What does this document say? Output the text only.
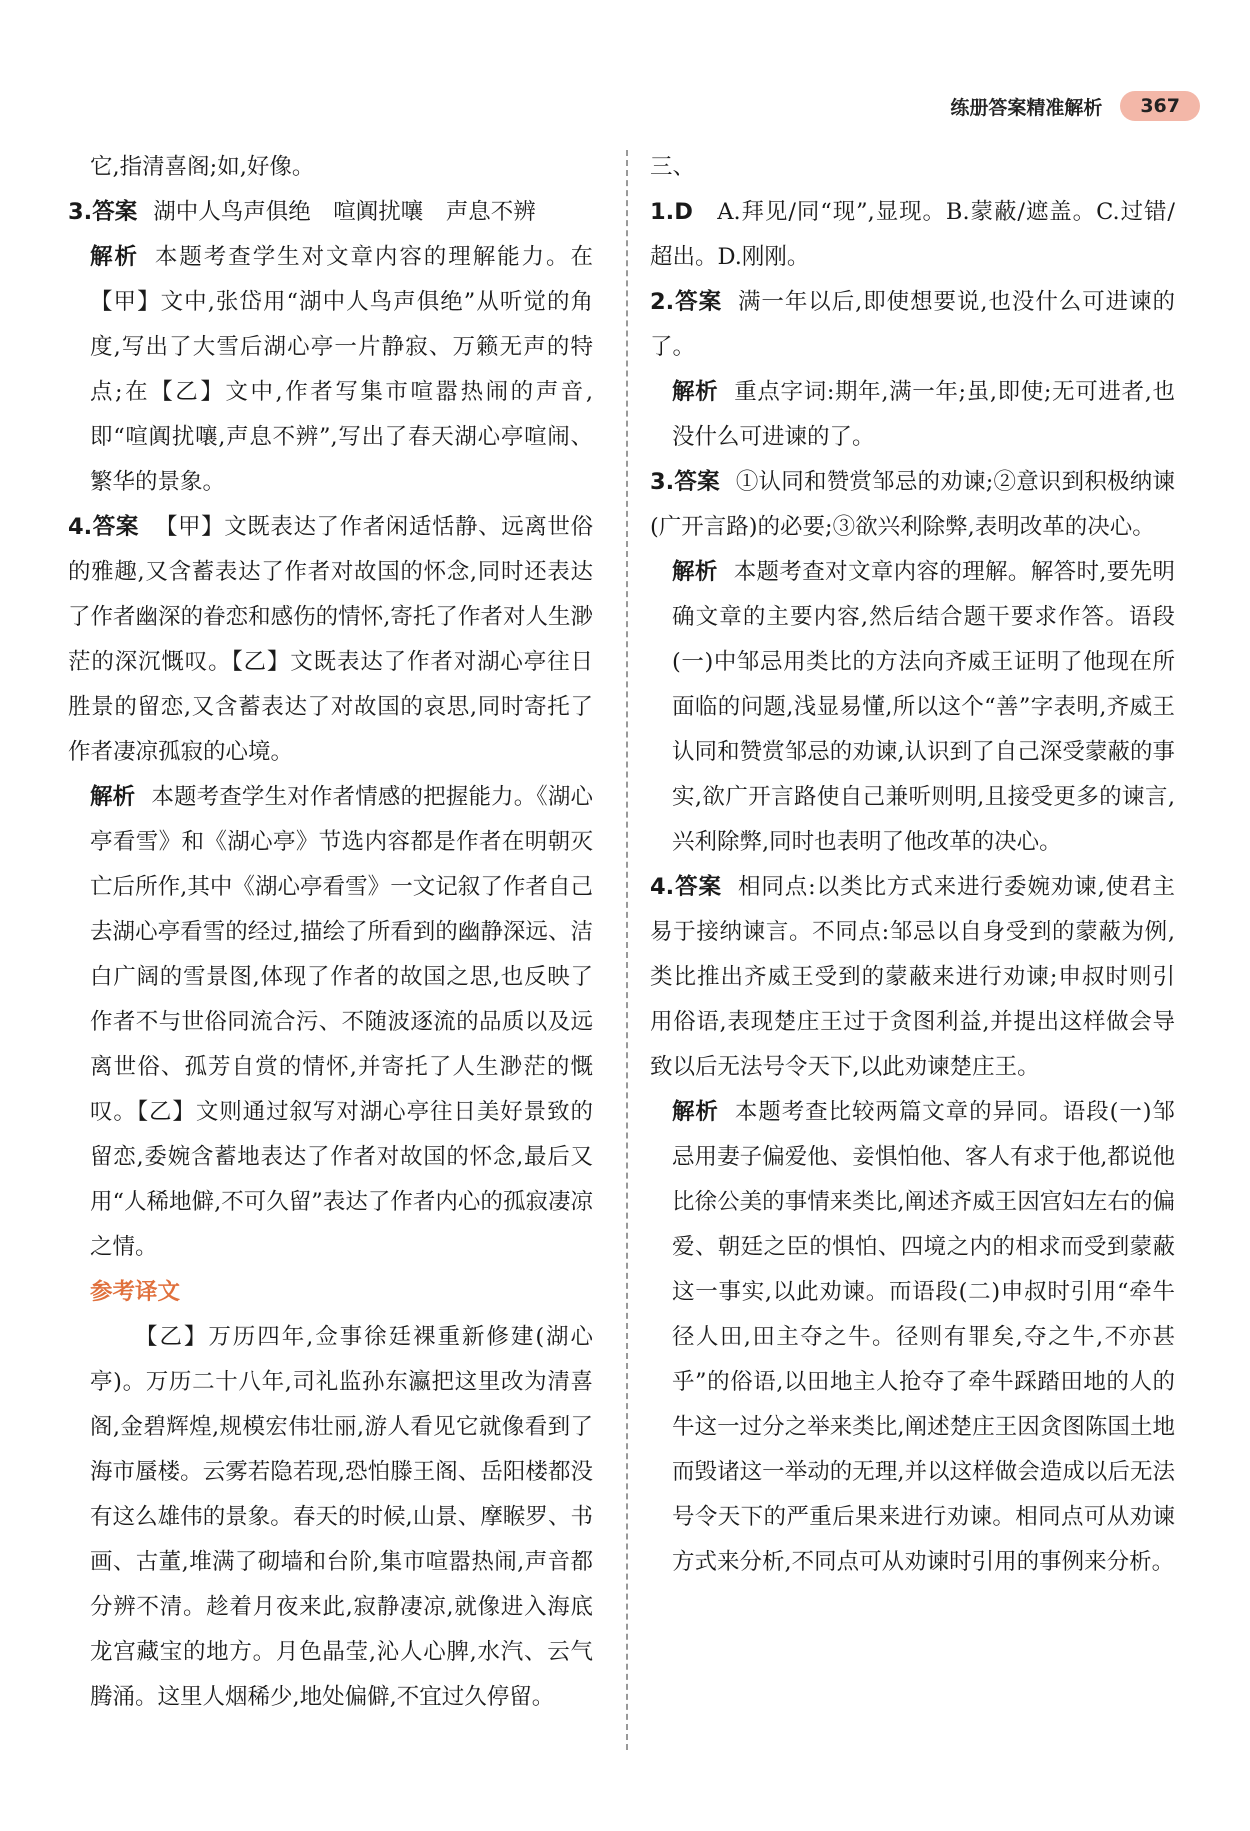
练册答案精准解析	367

它,指清喜阁;如,好像。

3.答案 湖中人鸟声俱绝　喧阗扰嚷　声息不辨

解析 本题考查学生对文章内容的理解能力。在【甲】文中,张岱用“湖中人鸟声俱绝”从听觉的角度,写出了大雪后湖心亭一片静寂、万籁无声的特点;在【乙】文中,作者写集市喧嚣热闹的声音,即“喧阗扰嚷,声息不辨”,写出了春天湖心亭喧闹、繁华的景象。

4.答案 【甲】文既表达了作者闲适恬静、远离世俗的雅趣,又含蓄表达了作者对故国的怀念,同时还表达了作者幽深的眷恋和感伤的情怀,寄托了作者对人生渺茫的深沉慨叹。【乙】文既表达了作者对湖心亭往日胜景的留恋,又含蓄表达了对故国的哀思,同时寄托了作者凄凉孤寂的心境。

解析 本题考查学生对作者情感的把握能力。《湖心亭看雪》和《湖心亭》节选内容都是作者在明朝灭亡后所作,其中《湖心亭看雪》一文记叙了作者自己去湖心亭看雪的经过,描绘了所看到的幽静深远、洁白广阔的雪景图,体现了作者的故国之思,也反映了作者不与世俗同流合污、不随波逐流的品质以及远离世俗、孤芳自赏的情怀,并寄托了人生渺茫的慨叹。【乙】文则通过叙写对湖心亭往日美好景致的留恋,委婉含蓄地表达了作者对故国的怀念,最后又用“人稀地僻,不可久留”表达了作者内心的孤寂凄凉之情。

参考译文

【乙】万历四年,佥事徐廷裸重新修建(湖心亭)。万历二十八年,司礼监孙东瀛把这里改为清喜阁,金碧辉煌,规模宏伟壮丽,游人看见它就像看到了海市蜃楼。云雾若隐若现,恐怕滕王阁、岳阳楼都没有这么雄伟的景象。春天的时候,山景、摩睺罗、书画、古董,堆满了砌墙和台阶,集市喧嚣热闹,声音都分辨不清。趁着月夜来此,寂静凄凉,就像进入海底龙宫藏宝的地方。月色晶莹,沁人心脾,水汽、云气腾涌。这里人烟稀少,地处偏僻,不宜过久停留。

三、

1.D　 A.拜见/同“现”,显现。B.蒙蔽/遮盖。C.过错/超出。D.刚刚。

2.答案 满一年以后,即使想要说,也没什么可进谏的了。

解析 重点字词:期年,满一年;虽,即使;无可进者,也没什么可进谏的了。

3.答案 ①认同和赞赏邹忌的劝谏;②意识到积极纳谏(广开言路)的必要;③欲兴利除弊,表明改革的决心。

解析 本题考查对文章内容的理解。解答时,要先明确文章的主要内容,然后结合题干要求作答。语段(一)中邹忌用类比的方法向齐威王证明了他现在所面临的问题,浅显易懂,所以这个“善”字表明,齐威王认同和赞赏邹忌的劝谏,认识到了自己深受蒙蔽的事实,欲广开言路使自己兼听则明,且接受更多的谏言,兴利除弊,同时也表明了他改革的决心。

4.答案 相同点:以类比方式来进行委婉劝谏,使君主易于接纳谏言。不同点:邹忌以自身受到的蒙蔽为例,类比推出齐威王受到的蒙蔽来进行劝谏;申叔时则引用俗语,表现楚庄王过于贪图利益,并提出这样做会导致以后无法号令天下,以此劝谏楚庄王。

解析 本题考查比较两篇文章的异同。语段(一)邹忌用妻子偏爱他、妾惧怕他、客人有求于他,都说他比徐公美的事情来类比,阐述齐威王因宫妇左右的偏爱、朝廷之臣的惧怕、四境之内的相求而受到蒙蔽这一事实,以此劝谏。而语段(二)申叔时引用“牵牛径人田,田主夺之牛。径则有罪矣,夺之牛,不亦甚乎”的俗语,以田地主人抢夺了牵牛踩踏田地的人的牛这一过分之举来类比,阐述楚庄王因贪图陈国土地而毁诸这一举动的无理,并以这样做会造成以后无法号令天下的严重后果来进行劝谏。相同点可从劝谏方式来分析,不同点可从劝谏时引用的事例来分析。
